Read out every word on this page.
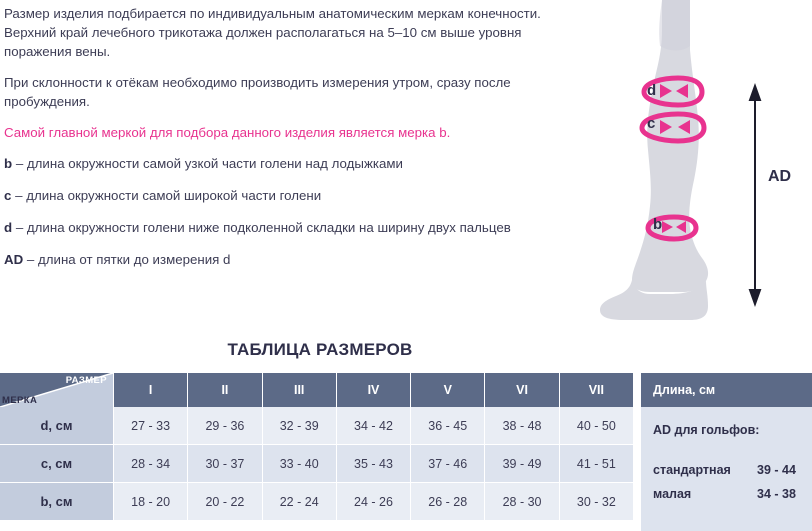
Размер изделия подбирается по индивидуальным анатомическим меркам конечности. Верхний край лечебного трикотажа должен располагаться на 5–10 см выше уровня поражения вены.

При склонности к отёкам необходимо производить измерения утром, сразу после пробуждения.

Самой главной меркой для подбора данного изделия является мерка b.

b – длина окружности самой узкой части голени над лодыжками

c – длина окружности самой широкой части голени

d – длина окружности голени ниже подколенной складки на ширину двух пальцев

AD – длина от пятки до измерения d

d
c
b
AD
ТАБЛИЦА РАЗМЕРОВ
РАЗМЕР
МЕРКА	I	II	III	IV	V	VI	VII
d, см	27 - 33	29 - 36	32 - 39	34 - 42	36 - 45	38 - 48	40 - 50
c, см	28 - 34	30 - 37	33 - 40	35 - 43	37 - 46	39 - 49	41 - 51
b, см	18 - 20	20 - 22	22 - 24	24 - 26	26 - 28	28 - 30	30 - 32
Длина, см
AD для гольфов:
стандартная 39 - 44
малая	34 - 38
